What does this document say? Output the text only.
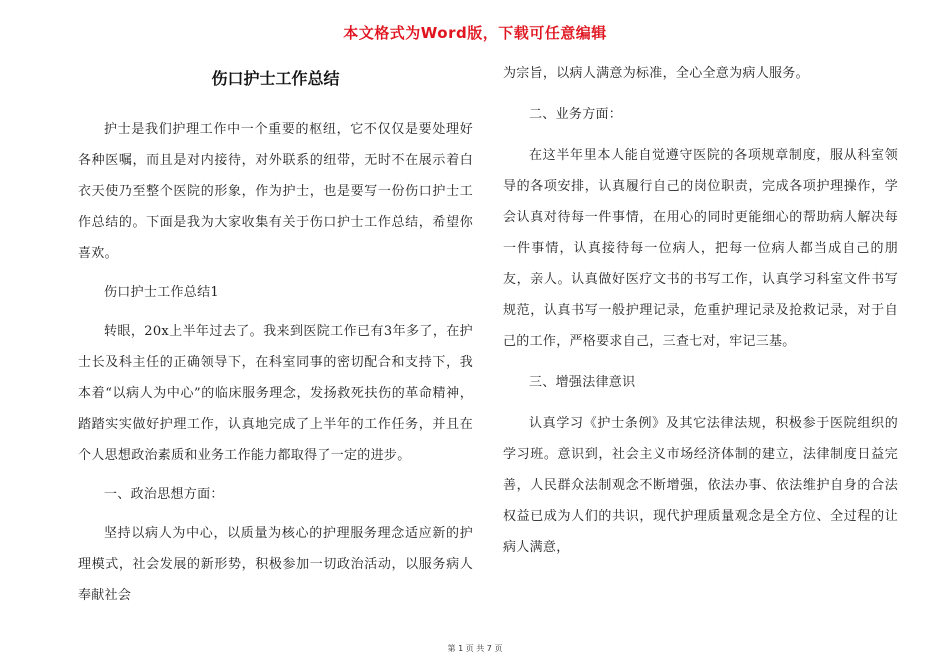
本文格式为Word版，下载可任意编辑
伤口护士工作总结

护士是我们护理工作中一个重要的枢纽，它不仅仅是要处理好各种医嘱，而且是对内接待，对外联系的纽带，无时不在展示着白衣天使乃至整个医院的形象，作为护士，也是要写一份伤口护士工作总结的。下面是我为大家收集有关于伤口护士工作总结，希望你喜欢。

伤口护士工作总结1

转眼，20x上半年过去了。我来到医院工作已有3年多了，在护士长及科主任的正确领导下，在科室同事的密切配合和支持下，我本着“以病人为中心”的临床服务理念，发扬救死扶伤的革命精神，踏踏实实做好护理工作，认真地完成了上半年的工作任务，并且在个人思想政治素质和业务工作能力都取得了一定的进步。

一、政治思想方面：

坚持以病人为中心，以质量为核心的护理服务理念适应新的护理模式，社会发展的新形势，积极参加一切政治活动，以服务病人奉献社会

为宗旨，以病人满意为标准，全心全意为病人服务。

二、业务方面：

在这半年里本人能自觉遵守医院的各项规章制度，服从科室领导的各项安排，认真履行自己的岗位职责，完成各项护理操作，学会认真对待每一件事情，在用心的同时更能细心的帮助病人解决每一件事情，认真接待每一位病人，把每一位病人都当成自己的朋友，亲人。认真做好医疗文书的书写工作，认真学习科室文件书写规范，认真书写一般护理记录，危重护理记录及抢救记录，对于自己的工作，严格要求自己，三查七对，牢记三基。

三、增强法律意识

认真学习《护士条例》及其它法律法规，积极参于医院组织的学习班。意识到，社会主义市场经济体制的建立，法律制度日益完善，人民群众法制观念不断增强，依法办事、依法维护自身的合法权益已成为人们的共识，现代护理质量观念是全方位、全过程的让病人满意，

第 1 页 共 7 页
